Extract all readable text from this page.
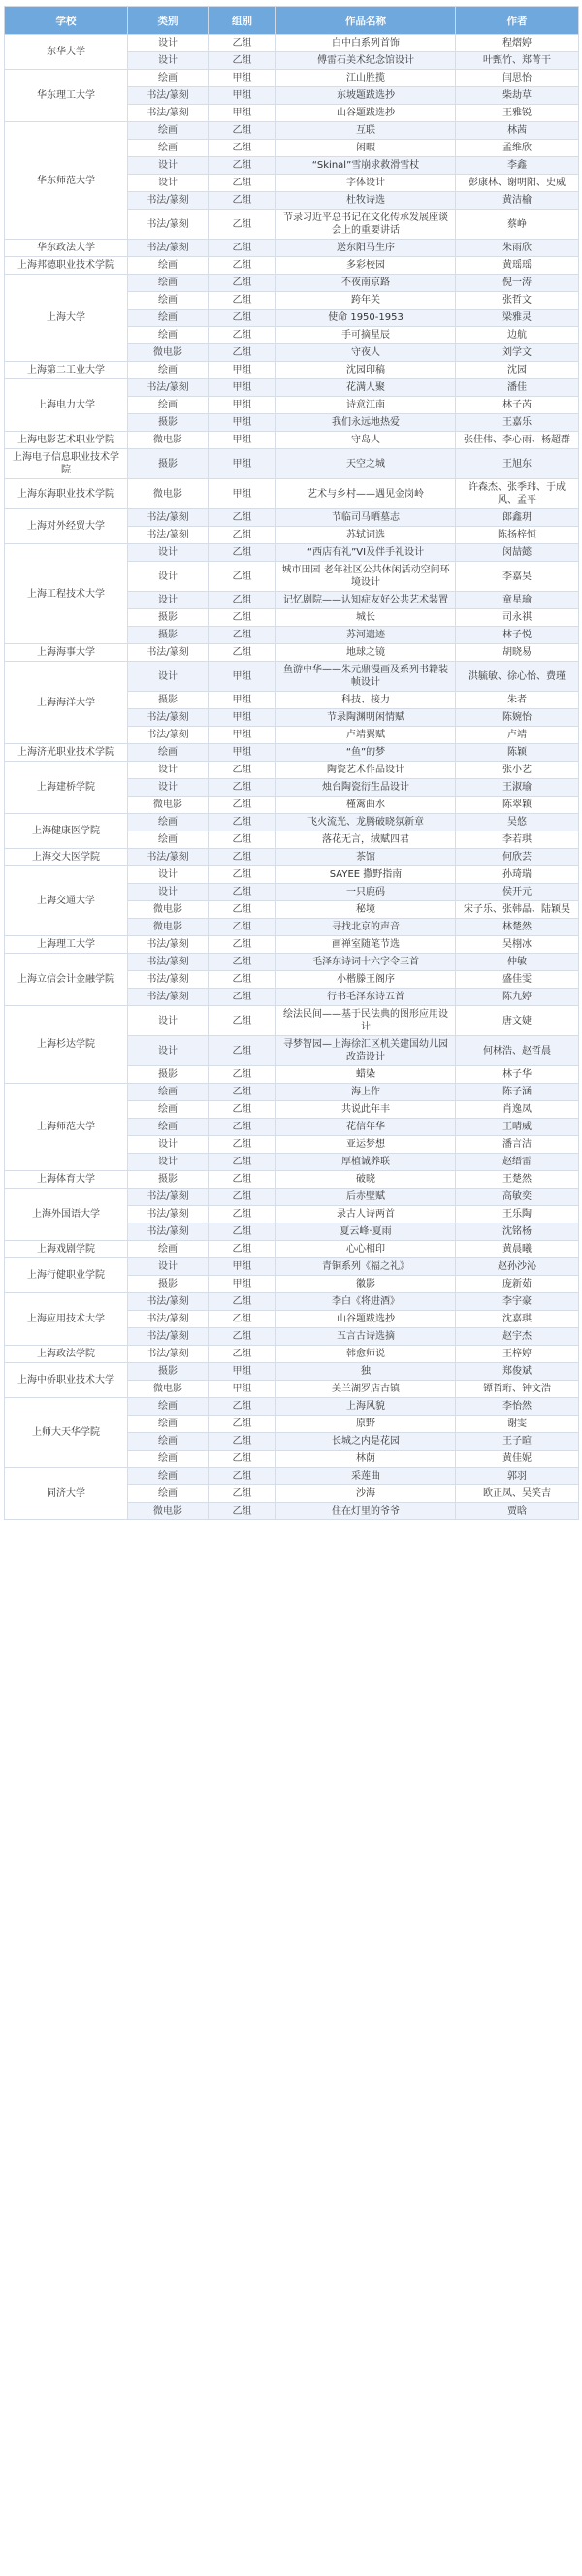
学校	类别	组别	作品名称	作者
东华大学	设计	乙组	白中白系列首饰	程熠婷
	设计	乙组	傅雷石美术纪念馆设计	叶甄竹、郑菁干
华东理工大学	绘画	甲组	江山胜揽	闫思怡
	书法/篆刻	甲组	东坡题跋选抄	柴劫草
	书法/篆刻	甲组	山谷题跋选抄	王雅锐
华东师范大学	绘画	乙组	互联	林茜
	绘画	乙组	闲暇	孟维欣
	设计	乙组	“Skinal”雪崩求救滑雪杖	李鑫
	设计	乙组	字体设计	彭康林、谢明阳、史威
	书法/篆刻	乙组	杜牧诗选	黄洁榆
	书法/篆刻	乙组	节录习近平总书记在文化传承发展座谈会上的重要讲话	蔡峥
华东政法大学	书法/篆刻	乙组	送东阳马生序	朱雨欣
上海邦德职业技术学院	绘画	乙组	多彩校园	黄瑶瑶
上海大学	绘画	乙组	不夜南京路	倪一涛
	绘画	乙组	跨年关	张哲文
	绘画	乙组	使命 1950-1953	梁雅灵
	绘画	乙组	手可摘星辰	边航
	微电影	乙组	守夜人	刘学文
上海第二工业大学	绘画	甲组	沈园印稿	沈园
上海电力大学	书法/篆刻	甲组	花满人聚	潘佳
	绘画	甲组	诗意江南	林子芮
	摄影	甲组	我们永远地热爱	王嘉乐
上海电影艺术职业学院	微电影	甲组	守岛人	张佳伟、李心雨、杨超群
上海电子信息职业技术学院	摄影	甲组	天空之城	王旭东
上海东海职业技术学院	微电影	甲组	艺术与乡村——遇见金岗岭	许森杰、张季玮、于成风、孟平
上海对外经贸大学	书法/篆刻	乙组	节临司马晒墓志	郎鑫玥
	书法/篆刻	乙组	苏轼词选	陈扬梓恒
上海工程技术大学	设计	乙组	“西店有礼”VI及伴手礼设计	闵喆懿
	设计	乙组	城市田园 老年社区公共休闲活动空间环境设计	李嘉昊
	设计	乙组	记忆剧院——认知症友好公共艺术装置	童星瑜
	摄影	乙组	城长	司永祺
	摄影	乙组	苏河遗迹	林子悦
上海海事大学	书法/篆刻	乙组	地球之镜	胡晓易
上海海洋大学	设计	甲组	鱼游中华——朱元鼎漫画及系列书籍装帧设计	洪毓敏、徐心怡、费瑾
	摄影	甲组	科技、接力	朱者
	书法/篆刻	甲组	节录陶渊明闲情赋	陈婉怡
	书法/篆刻	甲组	卢靖翼赋	卢靖
上海济光职业技术学院	绘画	甲组	“鱼”的梦	陈颖
上海建桥学院	设计	乙组	陶瓷艺术作品设计	张小艺
	设计	乙组	烛台陶瓷衍生品设计	王淑瑜
	微电影	乙组	槿篱曲水	陈翠颖
上海健康医学院	绘画	乙组	飞火流光、龙腾破晓氛新章	吴悠
	绘画	乙组	落花无言，绒赋四君	李若琪
上海交大医学院	书法/篆刻	乙组	茶馆	何欣芸
上海交通大学	设计	乙组	SAYEE 撒野指南	孙琦瑞
	设计	乙组	一只鹿码	侯开元
	微电影	乙组	秘境	宋子乐、张韩晶、陆颖昊
	微电影	乙组	寻找北京的声音	林楚然
上海理工大学	书法/篆刻	乙组	画禅室随笔节选	吴栩冰
上海立信会计金融学院	书法/篆刻	乙组	毛泽东诗词十六字令三首	仲敏
	书法/篆刻	乙组	小楷滕王阁序	盛佳雯
	书法/篆刻	乙组	行书毛泽东诗五首	陈九婷
上海杉达学院	设计	乙组	绘法民间——基于民法典的图形应用设计	唐文婕
	设计	乙组	寻梦智园—上海徐汇区机关建国幼儿园改造设计	何林浩、赵哲晨
	摄影	乙组	蜡染	林子华
上海师范大学	绘画	乙组	海上作	陈子涵
	绘画	乙组	共说此年丰	肖逸凤
	绘画	乙组	花信年华	王晴威
	设计	乙组	亚运梦想	潘言洁
	设计	乙组	厚植诚养联	赵缙雷
上海体育大学	摄影	乙组	破晓	王楚然
上海外国语大学	书法/篆刻	乙组	后赤壁赋	高敏奕
	书法/篆刻	乙组	录古人诗两首	王乐陶
	书法/篆刻	乙组	夏云峰·夏雨	沈铭杨
上海戏剧学院	绘画	乙组	心心相印	黄晨曦
上海行健职业学院	设计	甲组	青铜系列《福之礼》	赵孙沙沁
	摄影	甲组	徽影	庞新茹
上海应用技术大学	书法/篆刻	乙组	李白《将进酒》	李宇豪
	书法/篆刻	乙组	山谷题跋选抄	沈嘉琪
	书法/篆刻	乙组	五言古诗选摘	赵宇杰
上海政法学院	书法/篆刻	乙组	韩愈师说	王梓婷
上海中侨职业技术大学	摄影	甲组	独	郑俊斌
	微电影	甲组	美兰湖罗店古镇	镡哲珩、钟文浩
上师大天华学院	绘画	乙组	上海风貌	李怡然
	绘画	乙组	原野	谢雯
	绘画	乙组	长城之内是花园	王子暄
	绘画	乙组	林荫	黄佳妮
同济大学	绘画	乙组	采莲曲	郭羽
	绘画	乙组	沙海	欧正凤、吴笑吉
	微电影	乙组	住在灯里的爷爷	贾晗
